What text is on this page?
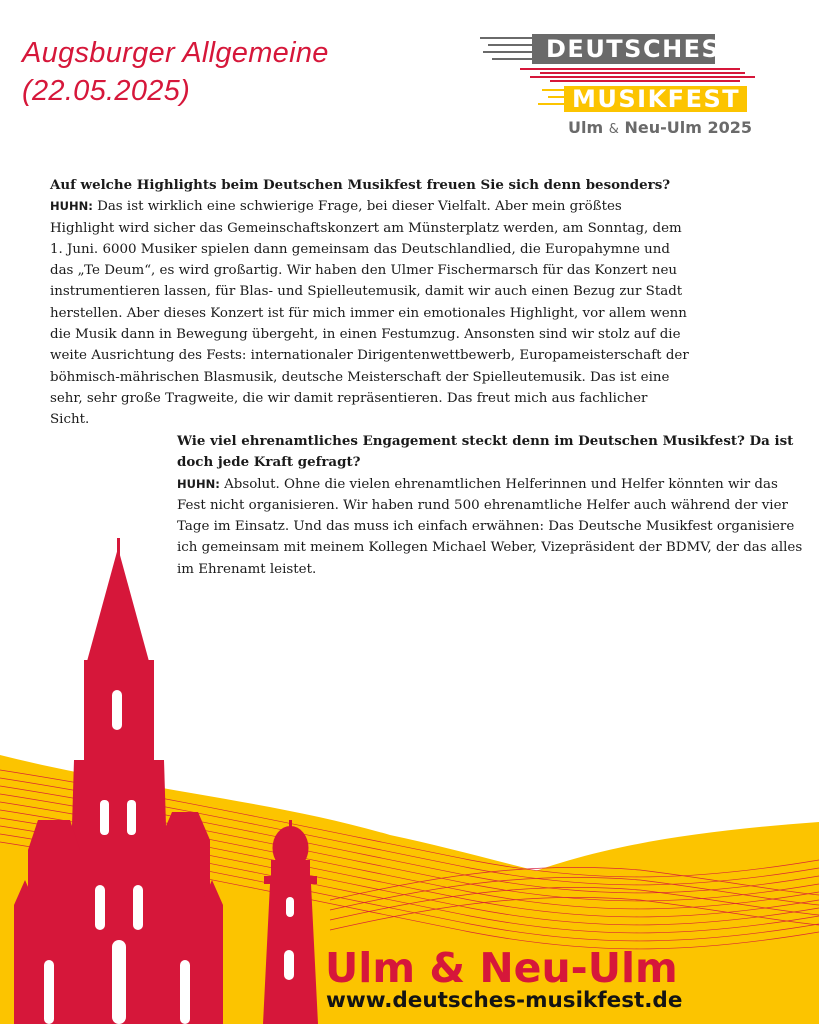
Augsburger Allgemeine
(22.05.2025)
DEUTSCHES
MUSIKFEST
Ulm & Neu-Ulm 2025
Auf welche Highlights beim Deutschen Musikfest freuen Sie sich denn besonders?
HUHN: Das ist wirklich eine schwierige Frage, bei dieser Vielfalt. Aber mein größtes Highlight wird sicher das Gemeinschaftskonzert am Münsterplatz werden, am Sonntag, dem 1. Juni. 6000 Musiker spielen dann gemeinsam das Deutschlandlied, die Europahymne und das „Te Deum“, es wird großartig. Wir haben den Ulmer Fischermarsch für das Konzert neu instrumentieren lassen, für Blas- und Spielleutemusik, damit wir auch einen Bezug zur Stadt herstellen. Aber dieses Konzert ist für mich immer ein emotionales Highlight, vor allem wenn die Musik dann in Bewegung übergeht, in einen Festumzug. Ansonsten sind wir stolz auf die weite Ausrichtung des Fests: internationaler Dirigentenwettbewerb, Europameisterschaft der böhmisch-mährischen Blasmusik, deutsche Meisterschaft der Spielleutemusik. Das ist eine sehr, sehr große Tragweite, die wir damit repräsentieren. Das freut mich aus fachlicher Sicht.
Wie viel ehrenamtliches Engagement steckt denn im Deutschen Musikfest? Da ist doch jede Kraft gefragt?
HUHN: Absolut. Ohne die vielen ehrenamtlichen Helferinnen und Helfer könnten wir das Fest nicht organisieren. Wir haben rund 500 ehrenamtliche Helfer auch während der vier Tage im Einsatz. Und das muss ich einfach erwähnen: Das Deutsche Musikfest organisiere ich gemeinsam mit meinem Kollegen Michael Weber, Vizepräsident der BDMV, der das alles im Ehrenamt leistet.
Ulm & Neu-Ulm
www.deutsches-musikfest.de
